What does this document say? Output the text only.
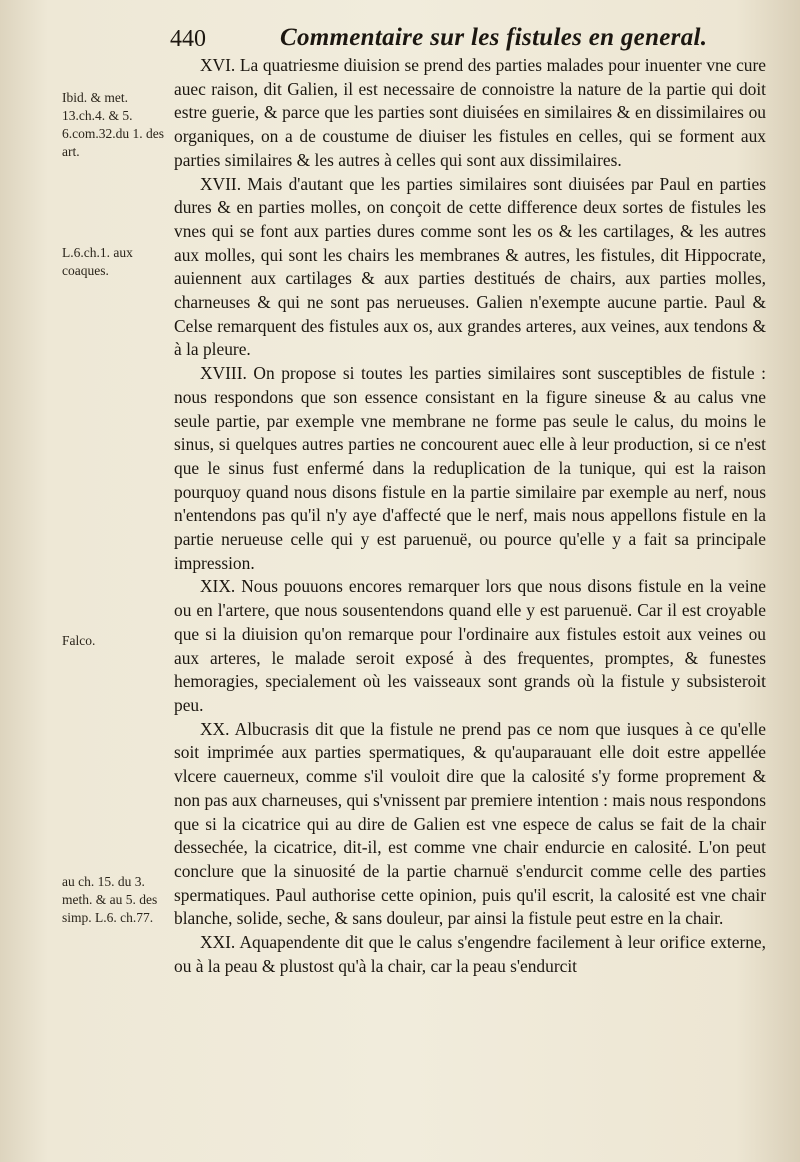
440	Commentaire sur les fistules en general.
Ibid. & met. 13.ch.4. & 5. 6.com.32.du 1. des art.
L.6.ch.1. aux coaques.
Falco.
au ch. 15. du 3. meth. & au 5. des simp. L.6. ch.77.

XVI. La quatriesme diuision se prend des parties malades pour inuenter vne cure auec raison, dit Galien, il est necessaire de connoistre la nature de la partie qui doit estre guerie, & parce que les parties sont diuisées en similaires & en dissimilaires ou organiques, on a de coustume de diuiser les fistules en celles, qui se forment aux parties similaires & les autres à celles qui sont aux dissimilaires.

XVII. Mais d'autant que les parties similaires sont diuisées par Paul en parties dures & en parties molles, on conçoit de cette difference deux sortes de fistules les vnes qui se font aux parties dures comme sont les os & les cartilages, & les autres aux molles, qui sont les chairs les membranes & autres, les fistules, dit Hippocrate, auiennent aux cartilages & aux parties destitués de chairs, aux parties molles, charneuses & qui ne sont pas nerueuses. Galien n'exempte aucune partie. Paul & Celse remarquent des fistules aux os, aux grandes arteres, aux veines, aux tendons & à la pleure.

XVIII. On propose si toutes les parties similaires sont susceptibles de fistule : nous respondons que son essence consistant en la figure sineuse & au calus vne seule partie, par exemple vne membrane ne forme pas seule le calus, du moins le sinus, si quelques autres parties ne concourent auec elle à leur production, si ce n'est que le sinus fust enfermé dans la reduplication de la tunique, qui est la raison pourquoy quand nous disons fistule en la partie similaire par exemple au nerf, nous n'entendons pas qu'il n'y aye d'affecté que le nerf, mais nous appellons fistule en la partie nerueuse celle qui y est paruenuë, ou pource qu'elle y a fait sa principale impression.

XIX. Nous pouuons encores remarquer lors que nous disons fistule en la veine ou en l'artere, que nous sousentendons quand elle y est paruenuë. Car il est croyable que si la diuision qu'on remarque pour l'ordinaire aux fistules estoit aux veines ou aux arteres, le malade seroit exposé à des frequentes, promptes, & funestes hemoragies, specialement où les vaisseaux sont grands où la fistule y subsisteroit peu.

XX. Albucrasis dit que la fistule ne prend pas ce nom que iusques à ce qu'elle soit imprimée aux parties spermatiques, & qu'auparauant elle doit estre appellée vlcere cauerneux, comme s'il vouloit dire que la calosité s'y forme proprement & non pas aux charneuses, qui s'vnissent par premiere intention : mais nous respondons que si la cicatrice qui au dire de Galien est vne espece de calus se fait de la chair dessechée, la cicatrice, dit-il, est comme vne chair endurcie en calosité. L'on peut conclure que la sinuosité de la partie charnuë s'endurcit comme celle des parties spermatiques. Paul authorise cette opinion, puis qu'il escrit, la calosité est vne chair blanche, solide, seche, & sans douleur, par ainsi la fistule peut estre en la chair.

XXI. Aquapendente dit que le calus s'engendre facilement à leur orifice externe, ou à la peau & plustost qu'à la chair, car la peau s'endurcit
